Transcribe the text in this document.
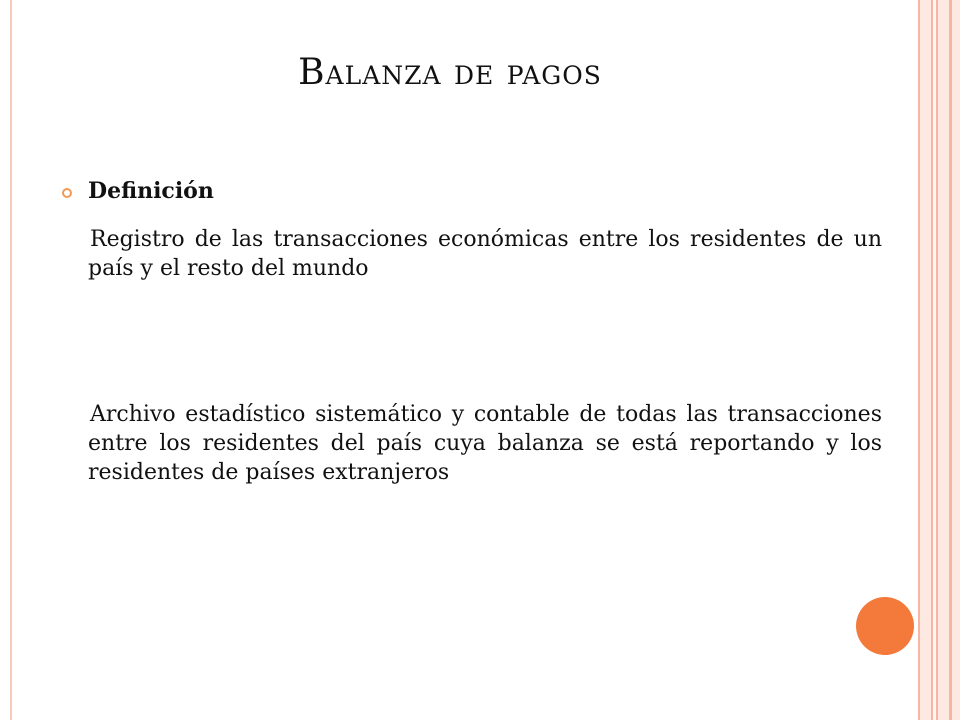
Balanza de pagos
Definición
Registro de las transacciones económicas entre los residentes de un país y el resto del mundo
Archivo estadístico sistemático y contable de todas las transacciones entre los residentes del país cuya balanza se está reportando y los residentes de países extranjeros
